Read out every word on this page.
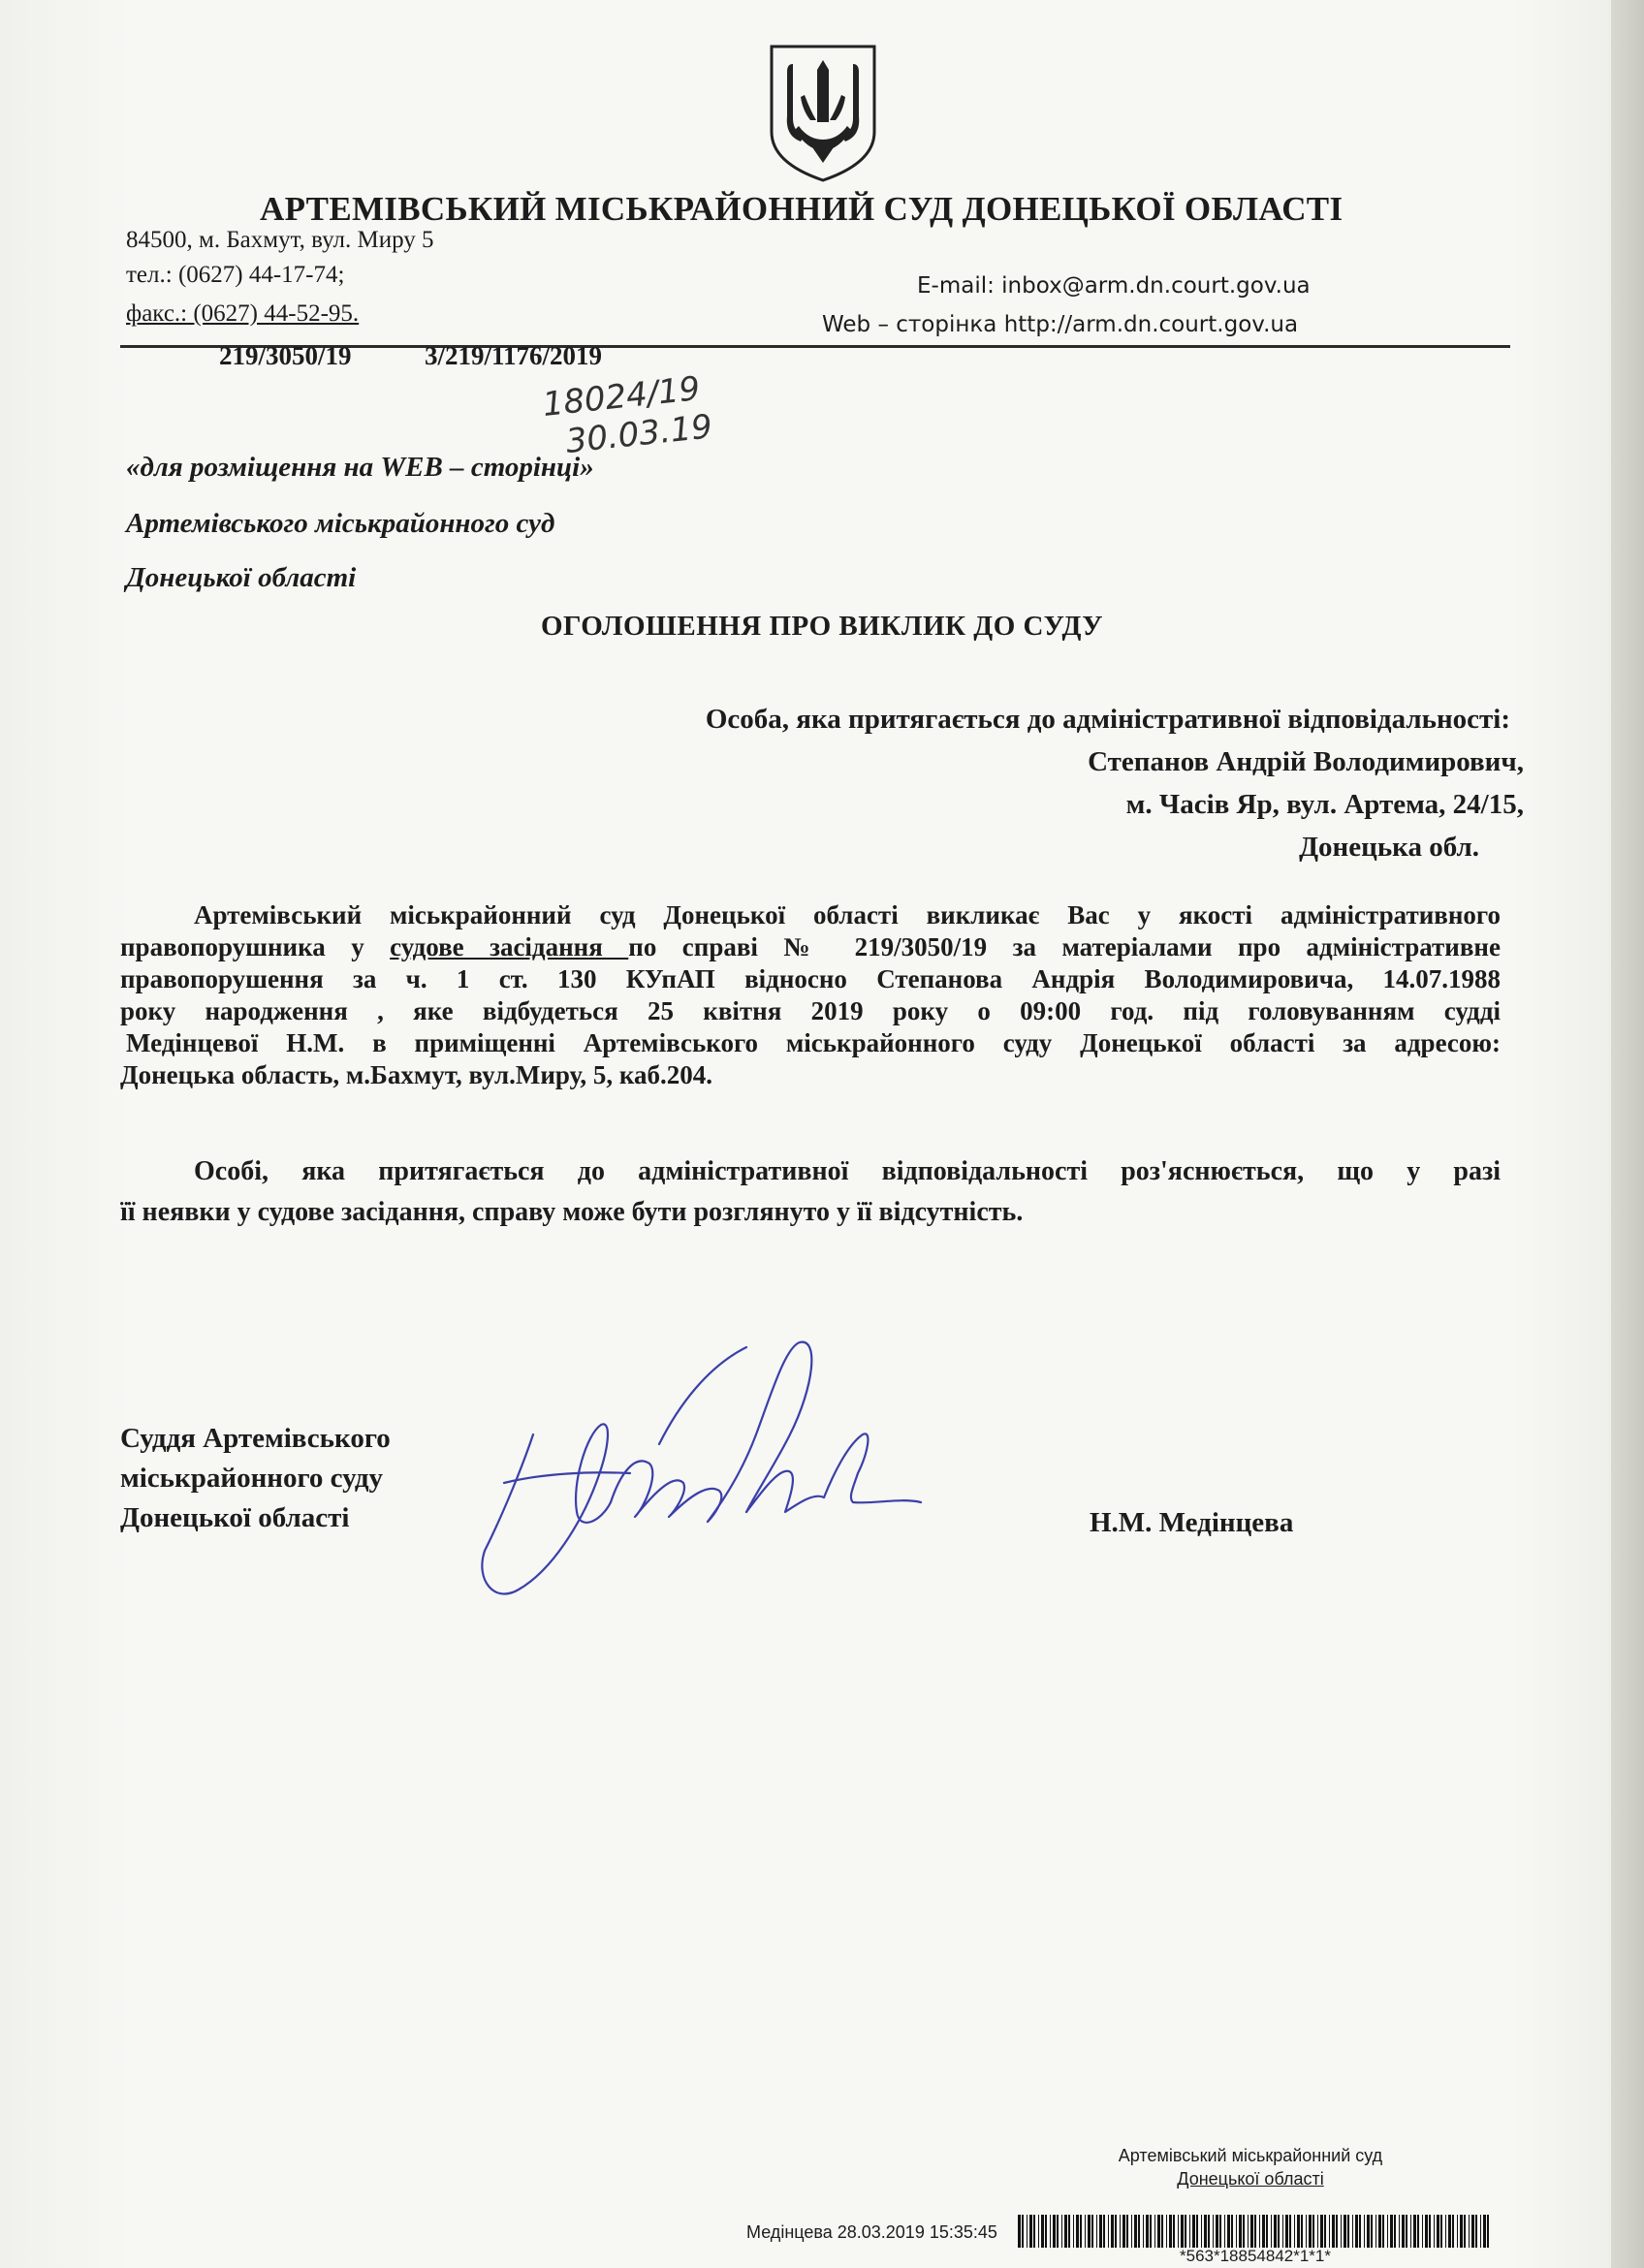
АРТЕМІВСЬКИЙ МІСЬКРАЙОННИЙ СУД ДОНЕЦЬКОЇ ОБЛАСТІ
84500, м. Бахмут, вул. Миру 5
тел.: (0627) 44-17-74;
факс.: (0627) 44-52-95.
E-mail: inbox@arm.dn.court.gov.ua
Web – сторінка http://arm.dn.court.gov.ua
219/3050/19	3/219/1176/2019
18024/19
30.03.19
«для розміщення на WEB – сторінці»
Артемівського міськрайонного суд
Донецької області
ОГОЛОШЕННЯ ПРО ВИКЛИК ДО СУДУ
Особа, яка притягається до адміністративної відповідальності:
Степанов Андрій Володимирович,
м. Часів Яр, вул. Артема, 24/15,
Донецька обл.
Артемівський міськрайонний суд Донецької області викликає Вас у якості адміністративного
правопорушника у судове засідання по справі № 219/3050/19 за матеріалами про адміністративне
правопорушення за ч. 1 ст. 130 КУпАП відносно Степанова Андрія Володимировича, 14.07.1988
року народження , яке відбудеться 25 квітня 2019 року о 09:00 год. під головуванням судді
Медінцевої Н.М. в приміщенні Артемівського міськрайонного суду Донецької області за адресою:
Донецька область, м.Бахмут, вул.Миру, 5, каб.204.
Особі, яка притягається до адміністративної відповідальності роз'яснюється, що у разі
її неявки у судове засідання, справу може бути розглянуто у її відсутність.
Суддя Артемівського
міськрайонного суду
Донецької області	Н.М. Медінцева
Артемівський міськрайонний суд
Донецької області
Медінцева 28.03.2019 15:35:45
*563*18854842*1*1*
